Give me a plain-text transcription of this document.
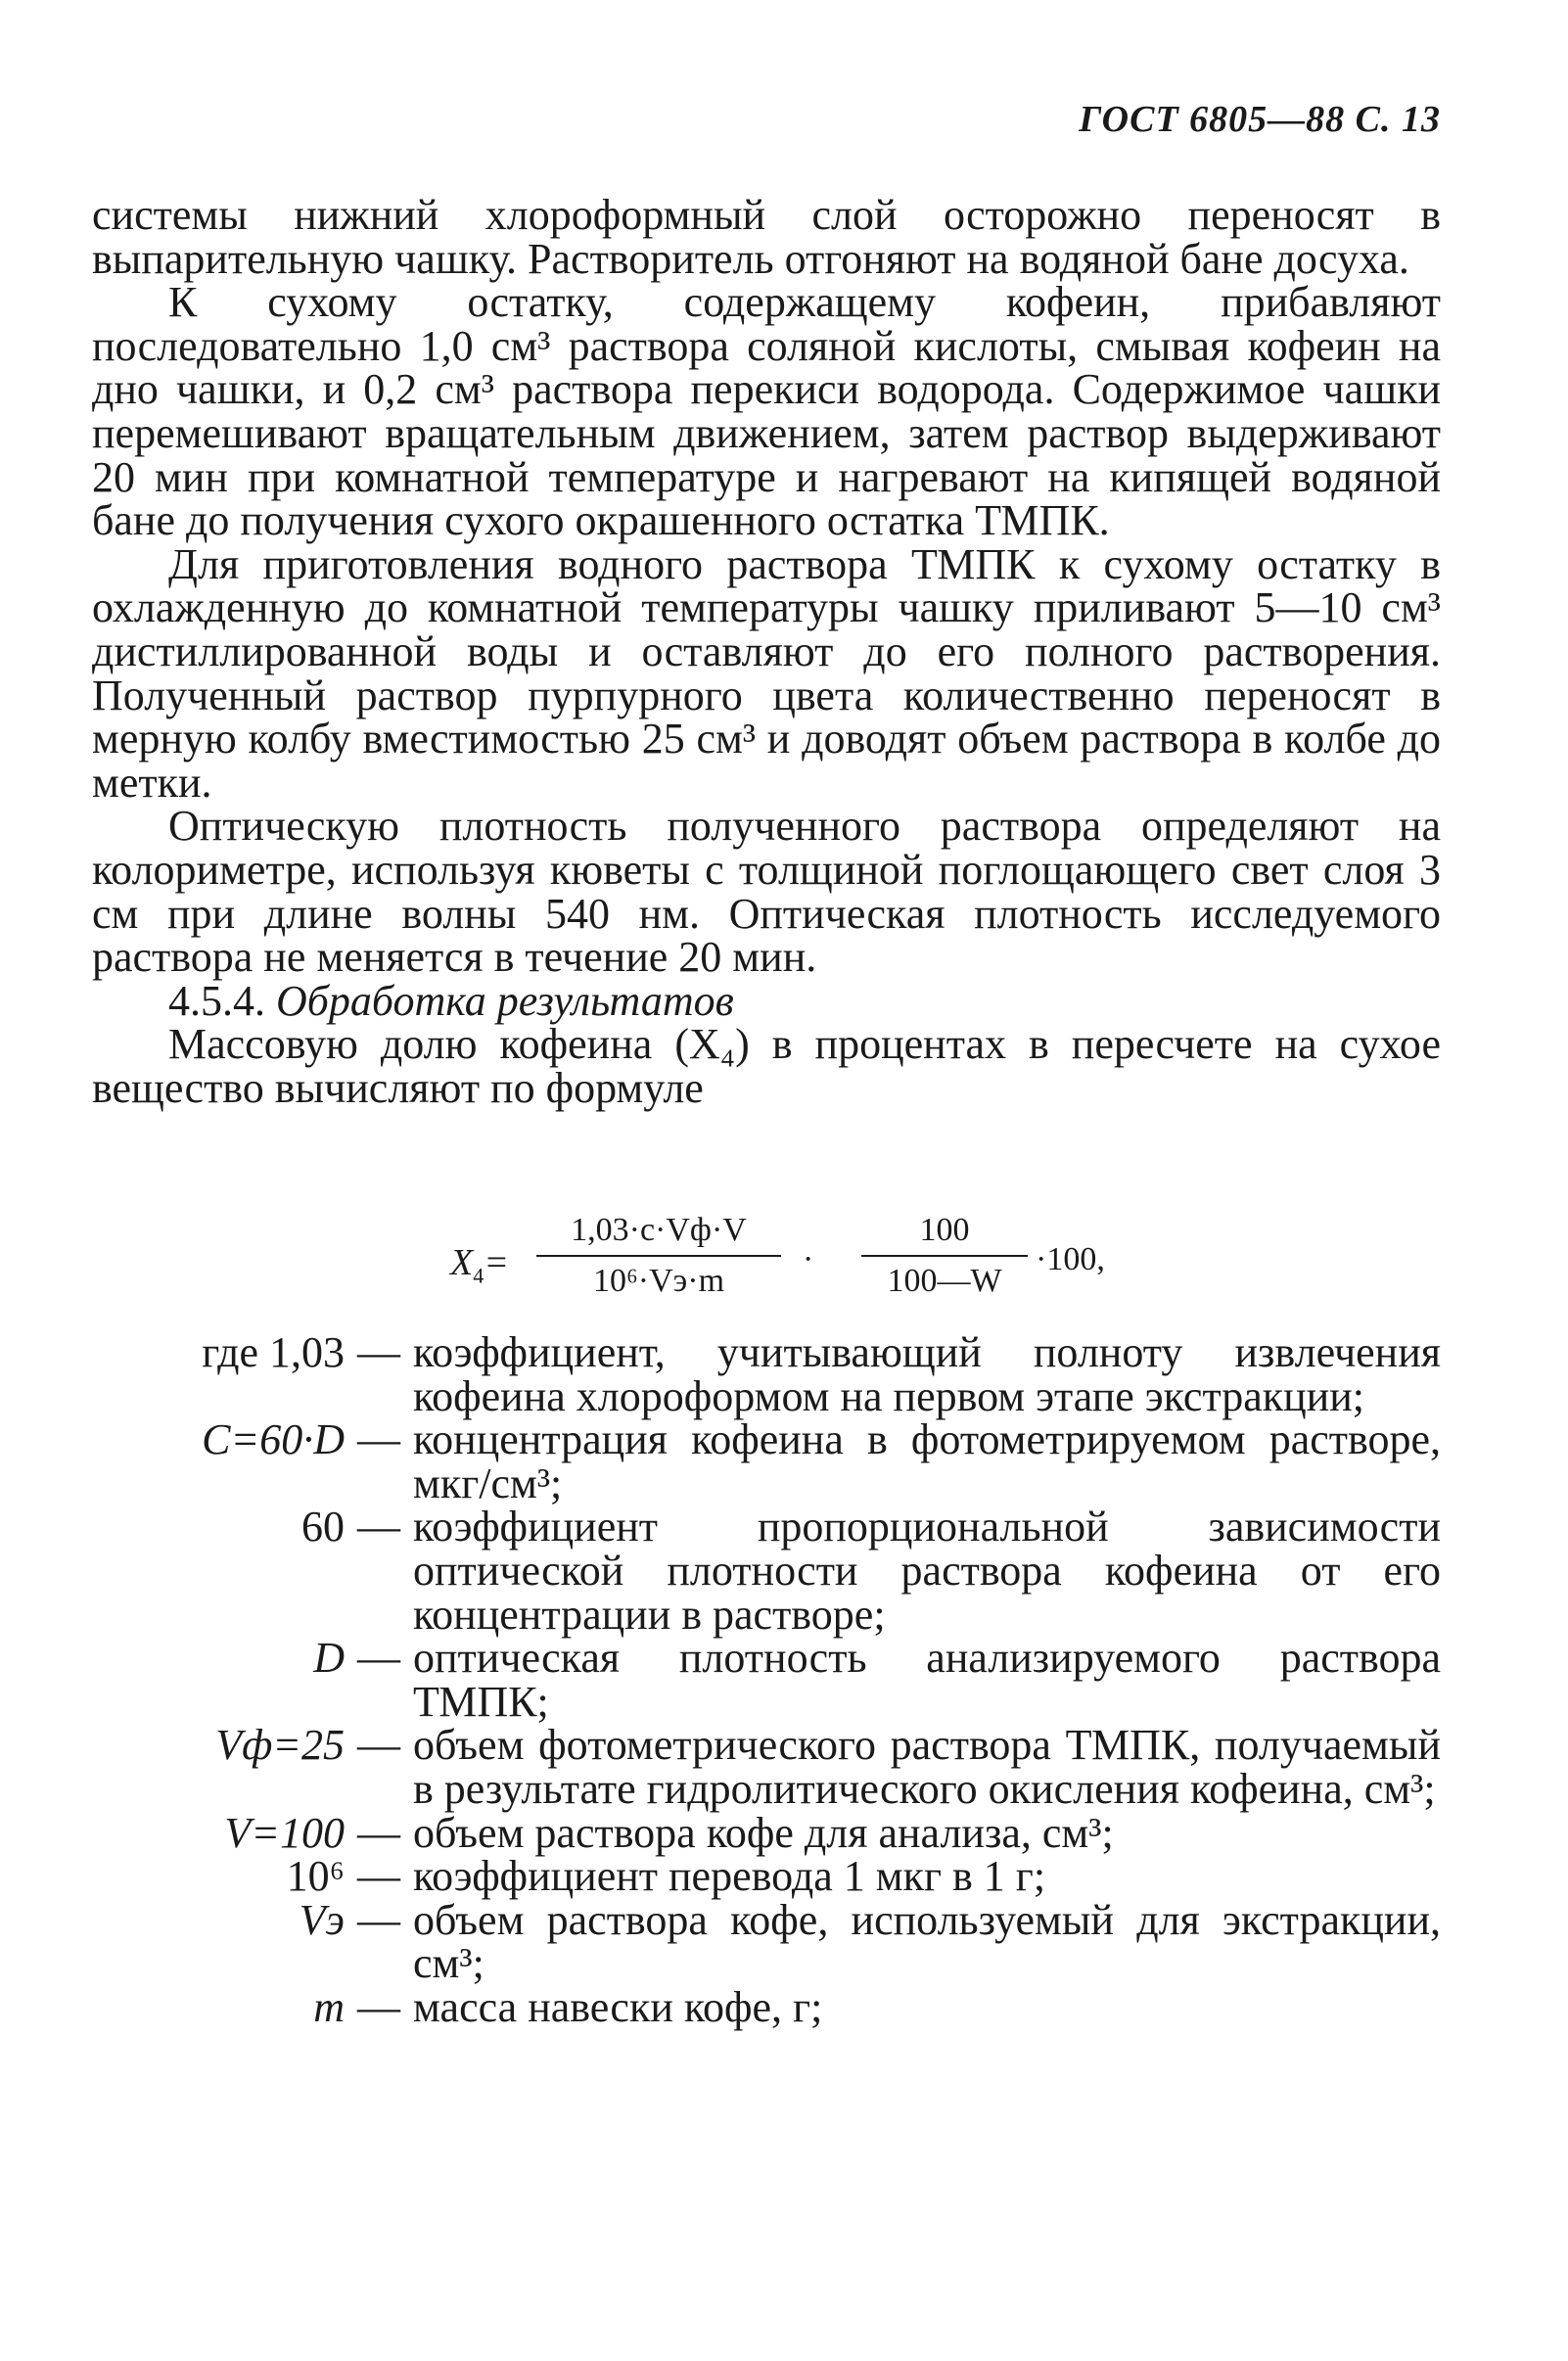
ГОСТ 6805—88 С. 13

системы нижний хлороформный слой осторожно переносят в выпарительную чашку. Растворитель отгоняют на водяной бане досуха.

К сухому остатку, содержащему кофеин, прибавляют последовательно 1,0 см³ раствора соляной кислоты, смывая кофеин на дно чашки, и 0,2 см³ раствора перекиси водорода. Содержимое чашки перемешивают вращательным движением, затем раствор выдерживают 20 мин при комнатной температуре и нагревают на кипящей водяной бане до получения сухого окрашенного остатка ТМПК.

Для приготовления водного раствора ТМПК к сухому остатку в охлажденную до комнатной температуры чашку приливают 5—10 см³ дистиллированной воды и оставляют до его полного растворения. Полученный раствор пурпурного цвета количественно переносят в мерную колбу вместимостью 25 см³ и доводят объем раствора в колбе до метки.

Оптическую плотность полученного раствора определяют на колориметре, используя кюветы с толщиной поглощающего свет слоя 3 см при длине волны 540 нм. Оптическая плотность исследуемого раствора не меняется в течение 20 мин.

4.5.4. Обработка результатов

Массовую долю кофеина (X₄) в процентах в пересчете на сухое вещество вычисляют по формуле

$X_4=$
1,03·c·Vф·V
10⁶·Vэ·m
· $\frac{100}{100—W} \cdot 100$,
где 1,03 — коэффициент, учитывающий полноту извлечения кофеина хлороформом на первом этапе экстракции;
C=60·D — концентрация кофеина в фотометрируемом растворе, мкг/см³;
60 — коэффициент пропорциональной зависимости оптической плотности раствора кофеина от его концентрации в растворе;
D — оптическая плотность анализируемого раствора ТМПК;
Vф=25 — объем фотометрического раствора ТМПК, получаемый в результате гидролитического окисления кофеина, см³;
V=100 — объем раствора кофе для анализа, см³;
10⁶ — коэффициент перевода 1 мкг в 1 г;
Vэ — объем раствора кофе, используемый для экстракции, см³;
m — масса навески кофе, г;
